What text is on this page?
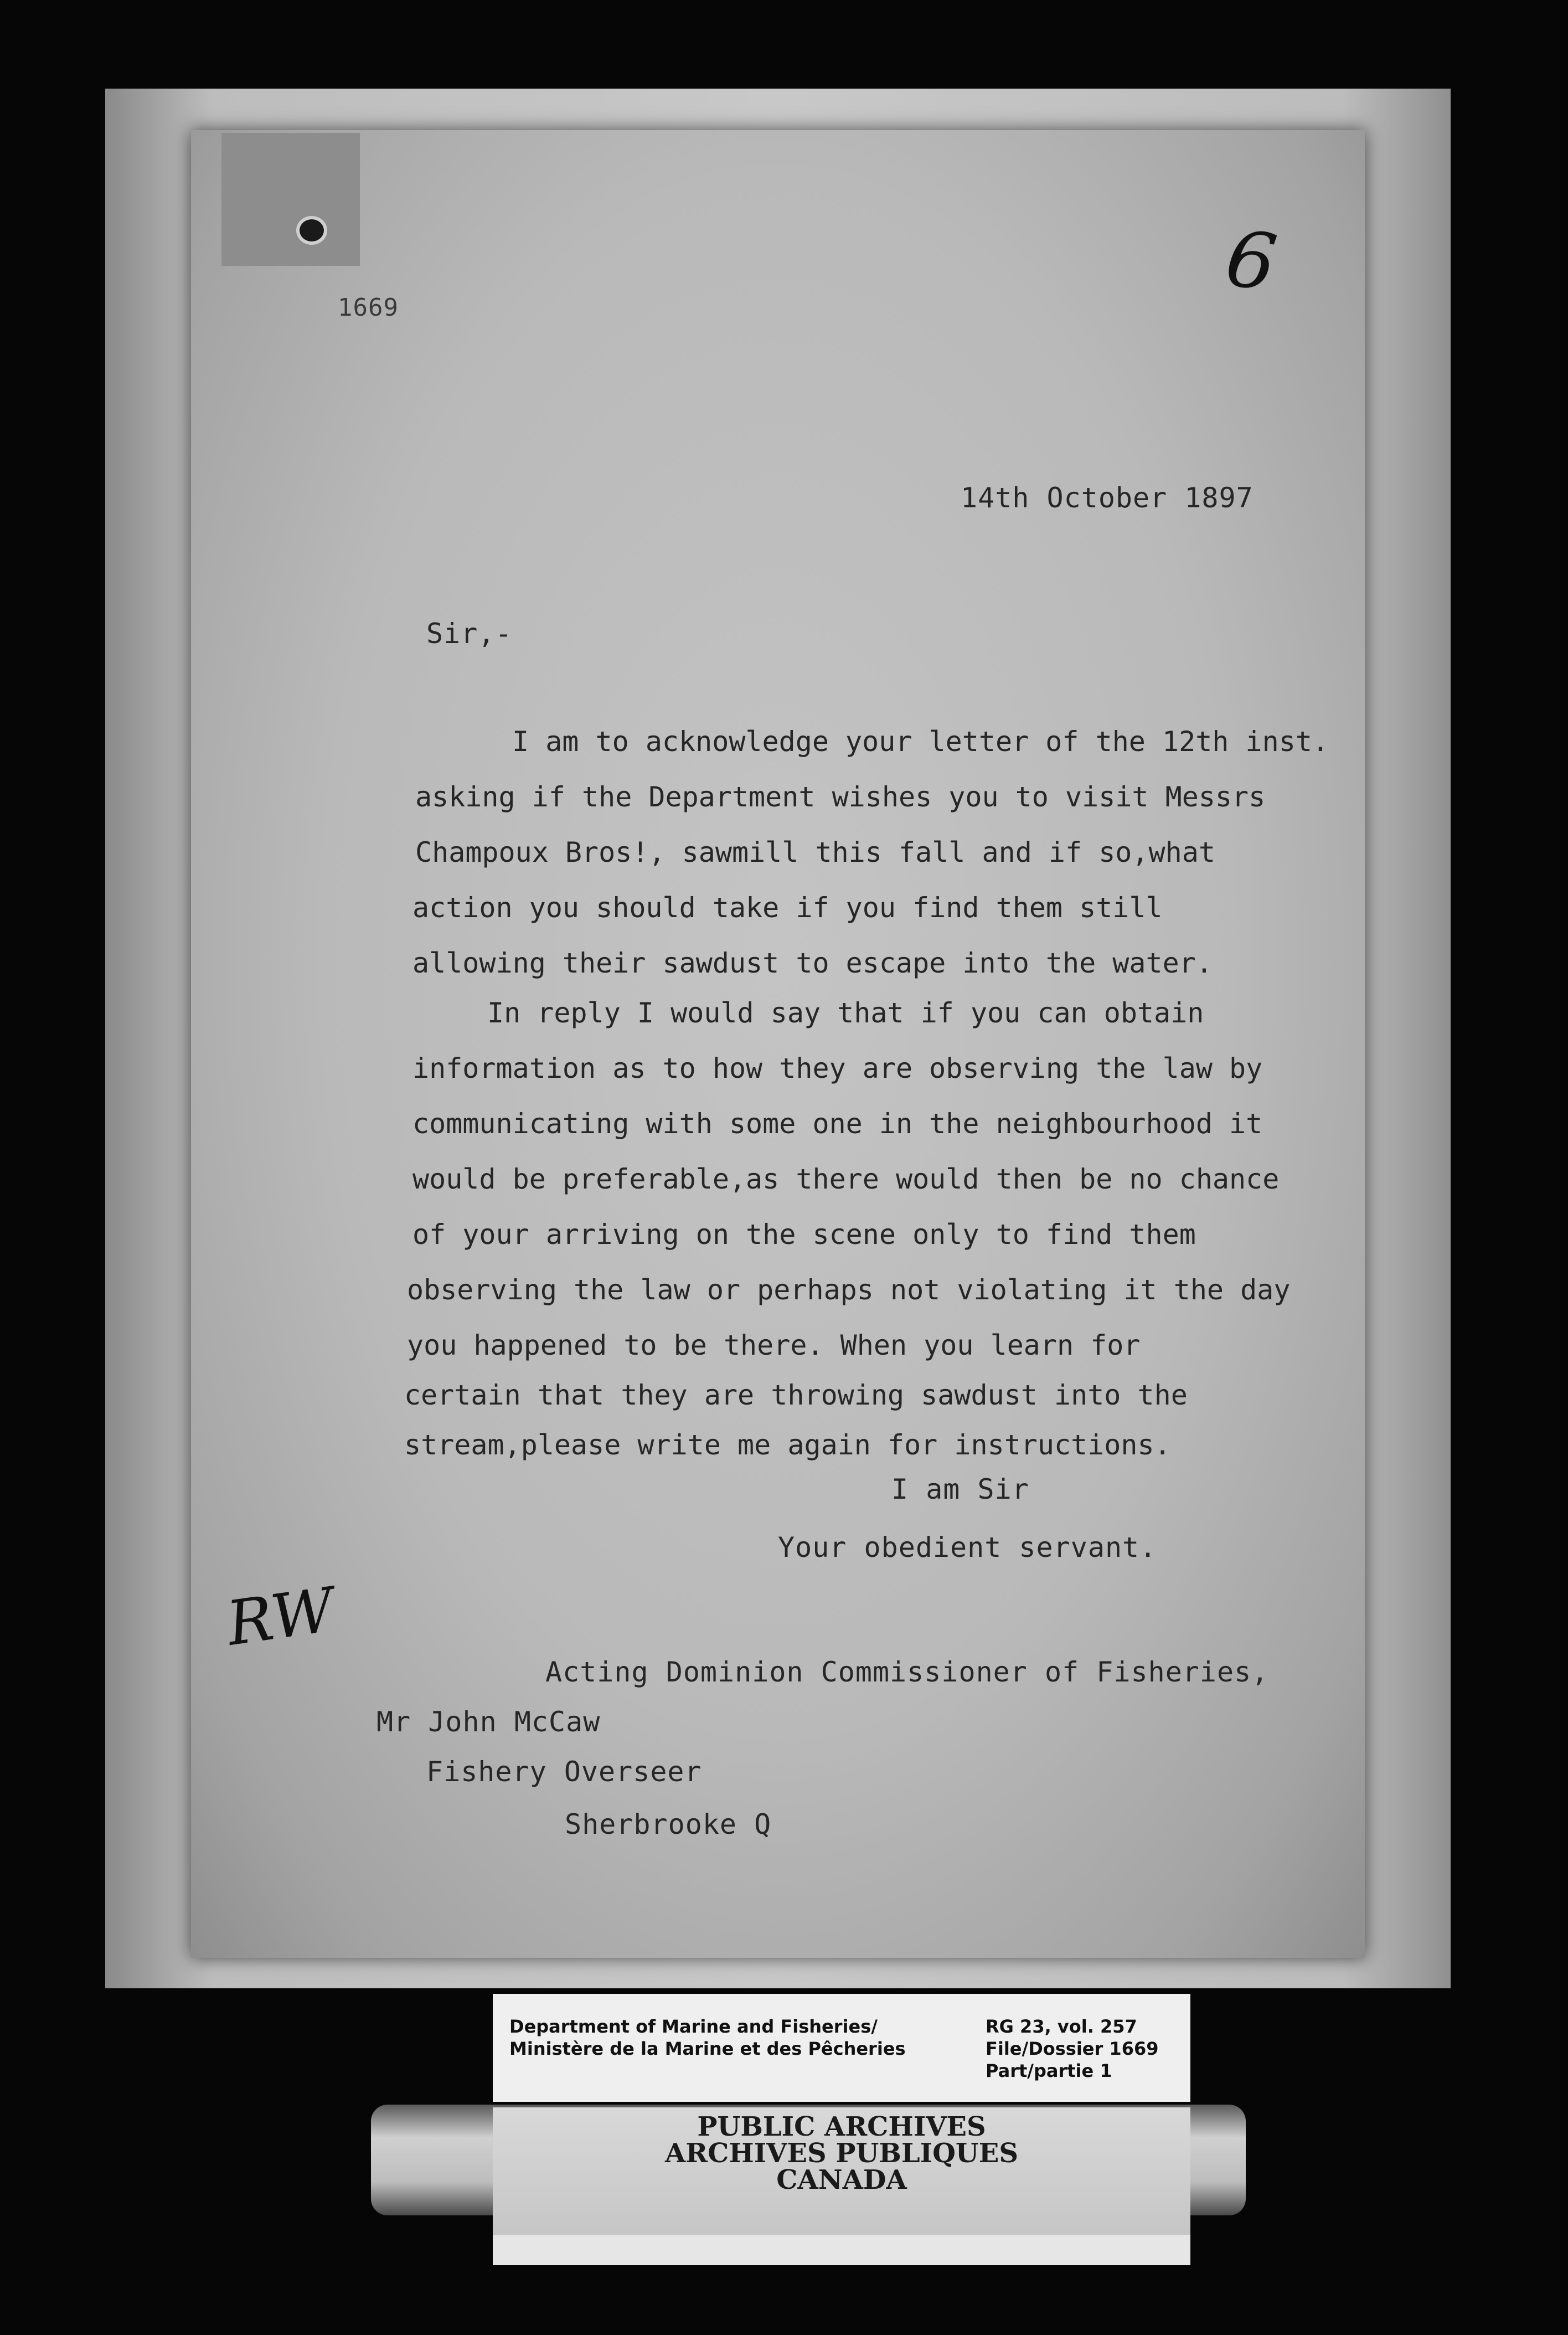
1669	6
14th October 1897
Sir,-
I am to acknowledge your letter of the 12th inst.
asking if the Department wishes you to visit Messrs
Champoux Bros!, sawmill this fall and if so,what
action you should take if you find them still
allowing their sawdust to escape into the water.
In reply I would say that if you can obtain
information as to how they are observing the law by
communicating with some one in the neighbourhood it
would be preferable,as there would then be no chance
of your arriving on the scene only to find them
observing the law or perhaps not violating it the day
you happened to be there. When you learn for
certain that they are throwing sawdust into the
stream,please write me again for instructions.
I am Sir
Your obedient servant.
RW
Acting Dominion Commissioner of Fisheries,
Mr John McCaw
Fishery Overseer
Sherbrooke Q
Department of Marine and Fisheries/
Ministère de la Marine et des Pêcheries
RG 23, vol. 257
File/Dossier 1669
Part/partie 1
PUBLIC ARCHIVES
ARCHIVES PUBLIQUES
CANADA
